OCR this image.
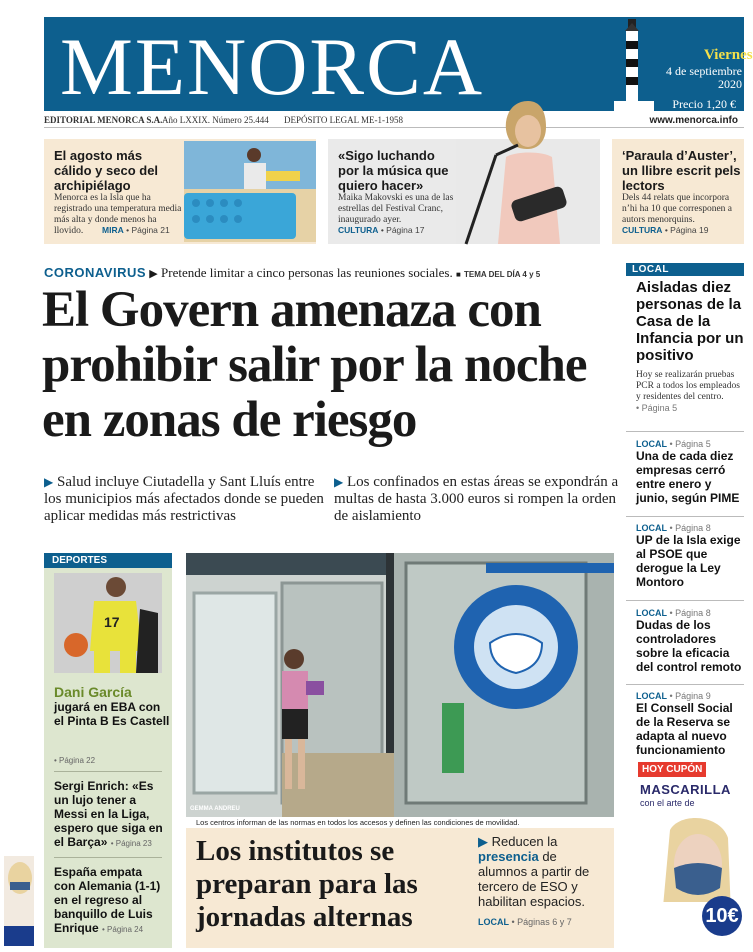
MENORCA	Viernes
4 de septiembre 2020
Precio 1,20 €
EDITORIAL MENORCA S.A. Año LXXIX. Número 25.444 DEPÓSITO LEGAL ME-1-1958	www.menorca.info
El agosto más cálido y seco del archipiélago
Menorca es la Isla que ha registrado una temperatura media más alta y donde menos ha llovido.	MIRA • Página 21
«Sigo luchando por la música que quiero hacer»
Maika Makovski es una de las estrellas del Festival Cranc, inaugurado ayer.
CULTURA • Página 17
‘Paraula d’Auster’, un llibre escrit pels lectors
Dels 44 relats que incorpora n’hi ha 10 que corresponen a autors menorquins.
CULTURA • Página 19
CORONAVIRUS ▶ Pretende limitar a cinco personas las reuniones sociales. ■ TEMA DEL DÍA 4 y 5
El Govern amenaza con prohibir salir por la noche en zonas de riesgo
▶ Salud incluye Ciutadella y Sant Lluís entre los municipios más afectados donde se pueden aplicar medidas más restrictivas
▶ Los confinados en estas áreas se expondrán a multas de hasta 3.000 euros si rompen la orden de aislamiento
LOCAL
Aisladas diez personas de la Casa de la Infancia por un positivo
Hoy se realizarán pruebas PCR a todos los empleados y residentes del centro.
• Página 5
LOCAL • Página 5
Una de cada diez empresas cerró entre enero y junio, según PIME
LOCAL • Página 8
UP de la Isla exige al PSOE que derogue la Ley Montoro
LOCAL • Página 8
Dudas de los controladores sobre la eficacia del control remoto
LOCAL • Página 9
El Consell Social de la Reserva se adapta al nuevo funcionamiento
DEPORTES
17
Dani García
jugará en EBA con el Pinta B Es Castell
• Página 22
Sergi Enrich: «Es un lujo tener a Messi en la Liga, espero que siga en el Barça» • Página 23
España empata con Alemania (1-1) en el regreso al banquillo de Luis Enrique • Página 24
GEMMA ANDREU
Los centros informan de las normas en todos los accesos y definen las condiciones de movilidad.
Los institutos se preparan para las jornadas alternas
▶ Reducen la presencia de alumnos a partir de tercero de ESO y habilitan espacios.
LOCAL • Páginas 6 y 7
HOY CUPÓN
MASCARILLA
con el arte de
10€
